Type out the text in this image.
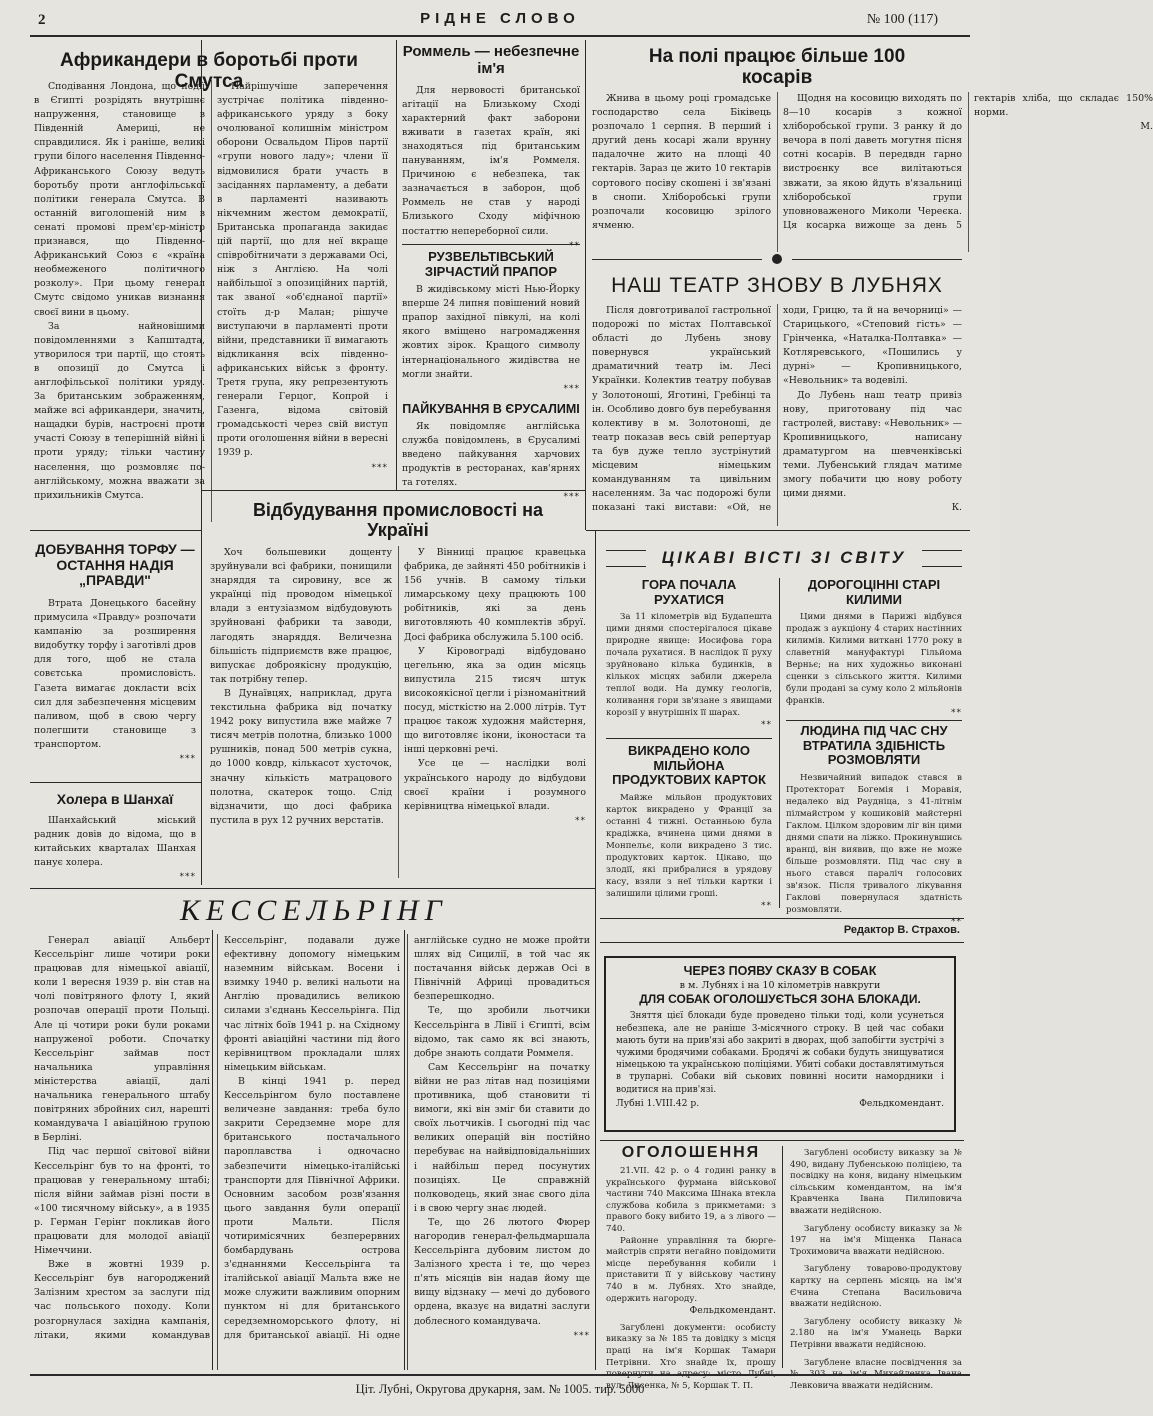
2	РІДНЕ СЛОВО	№ 100 (117)
Африкандери в боротьбі проти Смутса

Сподівання Лондона, що події в Єгипті розрідять внутрішнє напруження, становище в Південній Америці, не справдилися. Як і раніше, великі групи білого населення Південно-Африканського Союзу ведуть боротьбу проти англофільської політики генерала Смутса. В останній виголошеній ним в сенаті промові прем'єр-міністр признався, що Південно-Африканський Союз є «країна необмеженого політичного розколу». При цьому генерал Смутс свідомо уникав визнання своєї вини в цьому.

За найновішими повідомленнями з Капштадта, утворилося три партії, що стоять в опозиції до Смутса і англофільської політики уряду. За британським зображенням, майже всі африкандери, значить, нащадки бурів, настроєні проти участі Союзу в теперішній війні і проти уряду; тільки частину населення, що розмовляє по-англійському, можна вважати за прихильників Смутса.

Найрішучіше заперечення зустрічає політика південно-африканського уряду з боку очолюваної колишнім міністром оборони Освальдом Піров партії «групи нового ладу»; члени її відмовилися брати участь в засіданнях парламенту, а дебати в парламенті називають нікчемним жестом демократії, Британська пропаганда закидає цій партії, що для неї вкраще співробітничати з державами Осі, ніж з Англією. На чолі найбільшої з опозиційних партій, так званої «об'єднаної партії» стоїть д-р Малан; рішуче виступаючи в парламенті проти війни, представники її вимагають відкликання всіх південно-африканських військ з фронту. Третя група, яку репрезентують генерали Герцог, Копрой і Газенга, відома світовій громадськості через свій виступ проти оголошення війни в вересні 1939 р.

***

Роммель — небезпечне ім'я

Для нервовості британської агітації на Близькому Сході характерний факт заборони вживати в газетах країн, які знаходяться під британським пануванням, ім'я Роммеля. Причиною є небезпека, так зазначається в заборон, щоб Роммель не став у народі Близького Сходу міфічною постаттю непереборної сили.

**

РУЗВЕЛЬТІВСЬКИЙ ЗІРЧАСТИЙ ПРАПОР

В жидівському місті Нью-Йорку вперше 24 липня повішений новий прапор західної півкулі, на колі якого вміщено нагромадження жовтих зірок. Кращого символу інтернаціонального жидівства не могли знайти.

***

ПАЙКУВАННЯ В ЄРУСАЛИМІ

Як повідомляє англійська служба повідомлень, в Єрусалимі введено пайкування харчових продуктів в ресторанах, кав'ярнях та готелях.

***

На полі працює більше 100 косарів

Жнива в цьому році громадське господарство села Біківець розпочало 1 серпня. В перший і другий день косарі жали врунну падалочне жито на площі 40 гектарів. Зараз це жито 10 гектарів сортового посіву скошені і зв'язані в снопи. Хліборобські групи розпочали косовицю зрілого ячменю.

Щодня на косовицю виходять по 8—10 косарів з кожної хліборобської групи. З ранку й до вечора в полі даветь могутня пісня сотні косарів. В передвдн гарно вистроєнку все вилітаються звжати, за якою йдуть в'язальниці хліборобської групи уповноваженого Миколи Череєка. Ця косарка вижоще за день 5 гектарів хліба, що складає 150% норми.

М.

НАШ ТЕАТР ЗНОВУ В ЛУБНЯХ

Після довготривалої гастрольної подорожі по містах Полтавської області до Лубень знову повернувся український драматичний театр ім. Лесі Українки. Колектив театру побував у Золотоноші, Яготині, Гребінці та ін. Особливо довго був перебування колективу в м. Золотоноші, де театр показав весь свій репертуар та був дуже тепло зустрінутий місцевим німецьким командуванням та цивільним населенням. За час подорожі були показані такі вистави: «Ой, не ходи, Грицю, та й на вечорниці» — Старицького, «Степовий гість» — Грінченка, «Наталка-Полтавка» — Котляревського, «Пошились у дурні» — Кропивницького, «Невольник» та водевілі.

До Лубень наш театр привіз нову, приготовану під час гастролей, виставу: «Невольник» — Кропивницького, написану драматургом на шевченківські теми. Лубенський глядач матиме змогу побачити цю нову роботу цими днями.

К.

ДОБУВАННЯ ТОРФУ — ОСТАННЯ НАДІЯ „ПРАВДИ"

Втрата Донецького басейну примусила «Правду» розпочати кампанію за розширення видобутку торфу і заготівлі дров для того, щоб не стала совєтська промисловість. Газета вимагає докласти всіх сил для забезпечення місцевим паливом, щоб в свою чергу полегшити становище з транспортом.

***

Холера в Шанхаї

Шанхайський міський радник довів до відома, що в китайських кварталах Шанхая панує холера.

***

Відбудування промисловості на Україні

Хоч большевики дощенту зруйнували всі фабрики, понищили знаряддя та сировину, все ж українці під проводом німецької влади з ентузіазмом відбудовують зруйновані фабрики та заводи, лагодять знаряддя. Величезна більшість підприємств вже працює, випускає доброякісну продукцію, так потрібну тепер.

В Дунаївцях, наприклад, друга текстильна фабрика від початку 1942 року випустила вже майже 7 тисяч метрів полотна, близько 1000 рушників, понад 500 метрів сукна, до 1000 ковдр, кількасот хусточок, значну кількість матрацового полотна, скатерок тощо. Слід відзначити, що досі фабрика пустила в рух 12 ручних верстатів.

У Вінниці працює кравецька фабрика, де зайняті 450 робітників і 156 учнів. В самому тільки лимарському цеху працюють 100 робітників, які за день виготовляють 40 комплектів збруї. Досі фабрика обслужила 5.100 осіб.

У Кіровограді відбудовано цегельню, яка за один місяць випустила 215 тисяч штук високоякісної цегли і різноманітний посуд, місткістю на 2.000 літрів. Тут працює також художня майстерня, що виготовляє ікони, іконостаси та інші церковні речі.

Усе це — наслідки волі українського народу до відбудови своєї країни і розумного керівництва німецької влади.

**

КЕССЕЛЬРІНГ

Генерал авіації Альберт Кессельрінг лише чотири роки працював для німецької авіації, коли 1 вересня 1939 р. він став на чолі повітряного флоту I, який розпочав операції проти Польщі. Але ці чотири роки були роками напруженої роботи. Спочатку Кессельрінг займав пост начальника управління міністерства авіації, далі начальника генерального штабу повітряних збройних сил, нарешті командувача I авіаційною групою в Берліні.

Під час першої світової війни Кессельрінг був то на фронті, то працював у генеральному штабі; після війни займав різні пости в «100 тисячному війську», а в 1935 р. Герман Герінг покликав його працювати для молодої авіації Німеччини.

Вже в жовтні 1939 р. Кессельрінг був нагороджений Залізним хрестом за заслуги під час польського походу. Коли розгорнулася західна кампанія, літаки, якими командував Кессельрінг, подавали дуже ефективну допомогу німецьким наземним військам. Восени і взимку 1940 р. великі нальоти на Англію провадились великою силами з'єднань Кессельрінга. Під час літніх боїв 1941 р. на Східному фронті авіаційні частини під його керівництвом прокладали шлях німецьким військам.

В кінці 1941 р. перед Кессельрінгом було поставлене величезне завдання: треба було закрити Середземне море для британського постачального пароплавства і одночасно забезпечити німецько-італійські транспорти для Північної Африки. Основним засобом розв'язання цього завдання були операції проти Мальти. Після чотиримісячних безперервних бомбардувань острова з'єднаннями Кессельрінга та італійської авіації Мальта вже не може служити важливим опорним пунктом ні для британського середземноморського флоту, ні для британської авіації. Ні одне англійське судно не може пройти шлях від Сицилії, в той час як постачання військ держав Осі в Північній Африці провадиться безперешкодно.

Те, що зробили льотчики Кессельрінга в Лівії і Єгипті, всім відомо, так само як всі знають, добре знають солдати Роммеля.

Сам Кессельрінг на початку війни не раз літав над позиціями противника, щоб становити ті вимоги, які він зміг би ставити до своїх льотчиків. І сьогодні під час великих операцій він постійно перебуває на найвідповідальніших і найбільш перед посунутих позиціях. Це справжній полководець, який знає свого діла і в свою чергу знає людей.

Те, що 26 лютого Фюрер нагородив генерал-фельдмаршала Кессельрінга дубовим листом до Залізного хреста і те, що через п'ять місяців він надав йому ще вищу відзнаку — мечі до дубового ордена, вказує на видатні заслуги доблесного командувача.

***

ЦІКАВІ ВІСТІ ЗІ СВІТУ
ГОРА ПОЧАЛА РУХАТИСЯ

За 11 кілометрів від Будапешта цими днями спостерігалося цікаве природне явище: Иосифова гора почала рухатися. В наслідок її руху зруйновано кілька будинків, в кількох місцях забили джерела теплої води. На думку геологів, коливання гори зв'язане з явищами корозії у внутрішніх її шарах.

**

ВИКРАДЕНО КОЛО МІЛЬЙОНА ПРОДУКТОВИХ КАРТОК

Майже мільйон продуктових карток викрадено у Франції за останні 4 тижні. Останньою була крадіжка, вчинена цими днями в Монпельє, коли викрадено 3 тис. продуктових карток. Цікаво, що злодії, які прибралися в урядову касу, взяли з неї тільки картки і залишили цілими гроші.

**

ДОРОГОЦІННІ СТАРІ КИЛИМИ

Цими днями в Парижі відбувся продаж з аукціону 4 старих настінних килимів. Килими виткані 1770 року в славетній мануфактурі Гільйома Верньє; на них художньо виконані сценки з сільського життя. Килими були продані за суму коло 2 мільйонів франків.

**

ЛЮДИНА ПІД ЧАС СНУ ВТРАТИЛА ЗДІБНІСТЬ РОЗМОВЛЯТИ

Незвичайний випадок стався в Протекторат Богемія і Моравія, недалеко від Раудніца, з 41-літнім пілмайстром у кошиковій майстерні Гаклом. Цілком здоровим ліг він цими днями спати на ліжко. Прокинувшись вранці, він виявив, що вже не може більше розмовляти. Під час сну в нього стався параліч голосових зв'язок. Після тривалого лікування Гаклові повернулася здатність розмовляти.

**

Редактор В. Страхов.
ЧЕРЕЗ ПОЯВУ СКАЗУ В СОБАК
в м. Лубнях і на 10 кілометрів навкруги
ДЛЯ СОБАК ОГОЛОШУЄТЬСЯ ЗОНА БЛОКАДИ.

Зняття цієї блокади буде проведено тільки тоді, коли усунеться небезпека, але не раніше 3-місячного строку. В цей час собаки мають бути на прив'язі або закриті в дворах, щоб запобігти зустрічі з чужими бродячими собаками. Бродячі ж собаки будуть знищуватися німецькою та українською поліціями. Убиті собаки доставлятимуться в трупарні. Собаки вій ськових повинні носити намордники і водитися на прив'язі.

Лубні 1.VIII.42 р.	Фельдкомендант.
ОГОЛОШЕННЯ

21.VII. 42 р. о 4 годині ранку в українського фурмана військової частини 740 Максима Шнака втекла службова кобила з прикметами: з правого боку вибито 19, а з лівого — 740.

Районне управління та бюрге-майстрів спряти негайно повідомити місце перебування кобили і приставити її у військову частину 740 в м. Лубнях. Хто знайде, одержить нагороду.

Фельдкомендант.

Загублені документи: особисту виказку за № 185 та довідку з місця праці на ім'я Коршак Тамари Петрівни. Хто знайде їх, прошу повернути на адресу: місто Лубні, вул. Лисенка, № 5, Коршак Т. П.

Загублені особисту виказку за № 490, видану Лубенською поліцією, та посвідку на коня, видану німецьким сільським комендантом, на ім'я Кравченка Івана Пилиповича вважати недійсною.

Загублену особисту виказку за № 197 на ім'я Міщенка Панаса Трохимовича вважати недійсною.

Загублену товарово-продуктову картку на серпень місяць на ім'я Єчина Степана Васильовича вважати недійсною.

Загублену особисту виказку № 2.180 на ім'я Уманець Варки Петрівни вважати недійсною.

Загублене власне посвідчення за № 303 на ім'я Михайленка Івана Левковича вважати недійсним.

Ціт. Лубні, Округова друкарня, зам. № 1005. тир. 5000
